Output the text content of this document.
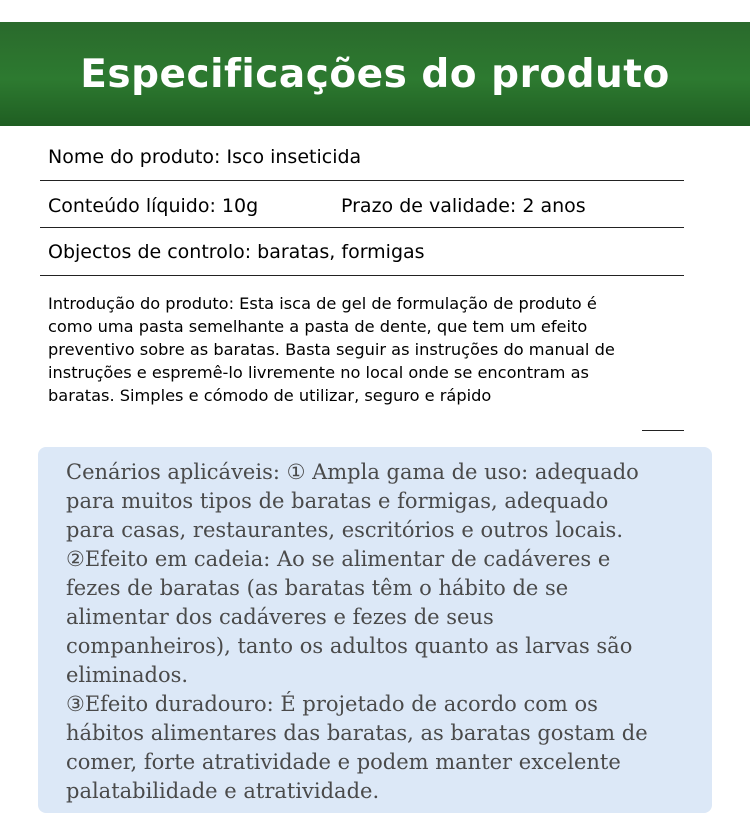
Especificações do produto
Nome do produto: Isco inseticida
Conteúdo líquido: 10g	Prazo de validade: 2 anos
Objectos de controlo: baratas, formigas
Introdução do produto: Esta isca de gel de formulação de produto é
como uma pasta semelhante a pasta de dente, que tem um efeito
preventivo sobre as baratas. Basta seguir as instruções do manual de
instruções e espremê-lo livremente no local onde se encontram as
baratas. Simples e cómodo de utilizar, seguro e rápido
Cenários aplicáveis: ① Ampla gama de uso: adequado
para muitos tipos de baratas e formigas, adequado
para casas, restaurantes, escritórios e outros locais.
②Efeito em cadeia: Ao se alimentar de cadáveres e
fezes de baratas (as baratas têm o hábito de se
alimentar dos cadáveres e fezes de seus
companheiros), tanto os adultos quanto as larvas são
eliminados.
③Efeito duradouro: É projetado de acordo com os
hábitos alimentares das baratas, as baratas gostam de
comer, forte atratividade e podem manter excelente
palatabilidade e atratividade.
